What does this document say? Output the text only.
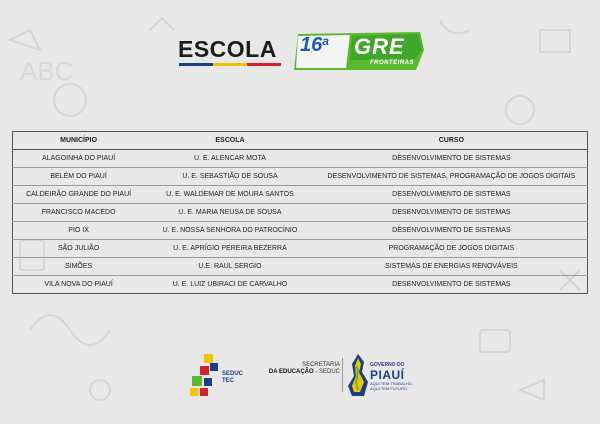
ABC
ESCOLA 16$^a$ GRE
FRONTEIRAS
MUNICÍPIO	ESCOLA	CURSO
ALAGOINHA DO PIAUÍ	U. E. ALENCAR MOTA	DESENVOLVIMENTO DE SISTEMAS
BELÉM DO PIAUÍ	U. E. SEBASTIÃO DE SOUSA	DESENVOLVIMENTO DE SISTEMAS, PROGRAMAÇÃO DE JOGOS DIGITAIS
CALDEIRÃO GRANDE DO PIAUÍ	U. E. WALDEMAR DE MOURA SANTOS	DESENVOLVIMENTO DE SISTEMAS
FRANCISCO MACEDO	U. E. MARIA NEUSA DE SOUSA	DESENVOLVIMENTO DE SISTEMAS
PIO IX	U. E. NOSSA SENHORA DO PATROCÍNIO	DESENVOLVIMENTO DE SISTEMAS
SÃO JULIÃO	U. E. APRÍGIO PEREIRA BEZERRA	PROGRAMAÇÃO DE JOGOS DIGITAIS
SIMÕES	U.E. RAUL SERGIO	SISTEMAS DE ENERGIAS RENOVÁVEIS
VILA NOVA DO PIAUÍ	U. E. LUIZ UBIRACI DE CARVALHO	DESENVOLVIMENTO DE SISTEMAS
SEDUC
TEC
SECRETARIA
DA EDUCAÇÃO - SEDUC
GOVERNO DO
PIAUÍ
AQUI TEM TRABALHO,
AQUI TEM FUTURO.
